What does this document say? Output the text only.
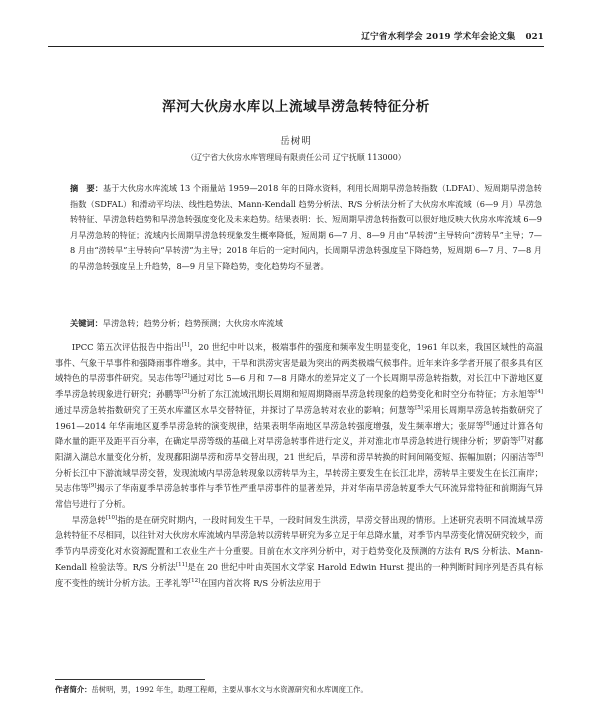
辽宁省水利学会 2019 学术年会论文集 021
浑河大伙房水库以上流域旱涝急转特征分析
岳树明
（辽宁省大伙房水库管理局有限责任公司 辽宁抚顺 113000）
摘　要：基于大伙房水库流域 13 个雨量站 1959—2018 年的日降水资料，利用长周期旱涝急转指数（LDFAI）、短周期旱涝急转指数（SDFAL）和滑动平均法、线性趋势法、Mann-Kendall 趋势分析法、R/S 分析法分析了大伙房水库流域（6—9 月）旱涝急转特征、旱涝急转趋势和旱涝急转强度变化及未来趋势。结果表明：长、短周期旱涝急转指数可以很好地反映大伙房水库流域 6—9 月旱涝急转的特征；流域内长周期旱涝急转现象发生概率降低，短周期 6—7 月、8—9 月由“旱转涝”主导转向“涝转旱”主导；7—8 月由“涝转旱”主导转向“旱转涝”为主导；2018 年后的一定时间内，长周期旱涝急转强度呈下降趋势，短周期 6—7 月、7—8 月的旱涝急转强度呈上升趋势，8—9 月呈下降趋势，变化趋势均不显著。
关键词：旱涝急转；趋势分析；趋势预测；大伙房水库流域

IPCC 第五次评估报告中指出[1]，20 世纪中叶以来，极端事件的强度和频率发生明显变化，1961 年以来，我国区域性的高温事件、气象干旱事件和强降雨事件增多。其中，干旱和洪涝灾害是最为突出的两类极端气候事件。近年来许多学者开展了很多具有区域特色的旱涝事件研究。吴志伟等[2]通过对比 5—6 月和 7—8 月降水的差异定义了一个长周期旱涝急转指数，对长江中下游地区夏季旱涝急转现象进行研究；孙鹏等[3]分析了东江流域汛期长周期和短周期降雨旱涝急转现象的趋势变化和时空分布特征；方永旭等[4]通过旱涝急转指数研究了王英水库灌区水旱交替特征，并探讨了旱涝急转对农业的影响；何慧等[5]采用长周期旱涝急转指数研究了 1961—2014 年华南地区夏季旱涝急转的演变规律，结果表明华南地区旱涝急转强度增强，发生频率增大；张屏等[6]通过计算各旬降水量的距平及距平百分率，在确定旱涝等级的基础上对旱涝急转事件进行定义，并对淮北市旱涝急转进行规律分析；罗蔚等[7]对鄱阳湖入湖总水量变化分析，发现鄱阳湖旱涝和涝旱交替出现，21 世纪后，旱涝和涝旱转换的时间间隔变短、振幅加剧；闪丽洁等[8]分析长江中下游流域旱涝交替，发现流域内旱涝急转现象以涝转旱为主，旱转涝主要发生在长江北岸，涝转旱主要发生在长江南岸；吴志伟等[9]揭示了华南夏季旱涝急转事件与季节性严重旱涝事件的显著差异，并对华南旱涝急转夏季大气环流异常特征和前期海气异常信号进行了分析。

旱涝急转[10]指的是在研究时期内，一段时间发生干旱，一段时间发生洪涝，旱涝交替出现的情形。上述研究表明不同流域旱涝急转特征不尽相同，以往针对大伙房水库流域内旱涝急转以涝转旱研究为多立足于年总降水量，对季节内旱涝变化情况研究较少，而季节内旱涝变化对水资源配置和工农业生产十分重要。目前在水文序列分析中，对于趋势变化及预测的方法有 R/S 分析法、Mann-Kendall 检验法等。R/S 分析法[11]是在 20 世纪中叶由英国水文学家 Harold Edwin Hurst 提出的一种判断时间序列是否具有标度不变性的统计分析方法。王孝礼等[12]在国内首次将 R/S 分析法应用于

作者简介：岳树明，男，1992 年生，助理工程师，主要从事水文与水资源研究和水库调度工作。
